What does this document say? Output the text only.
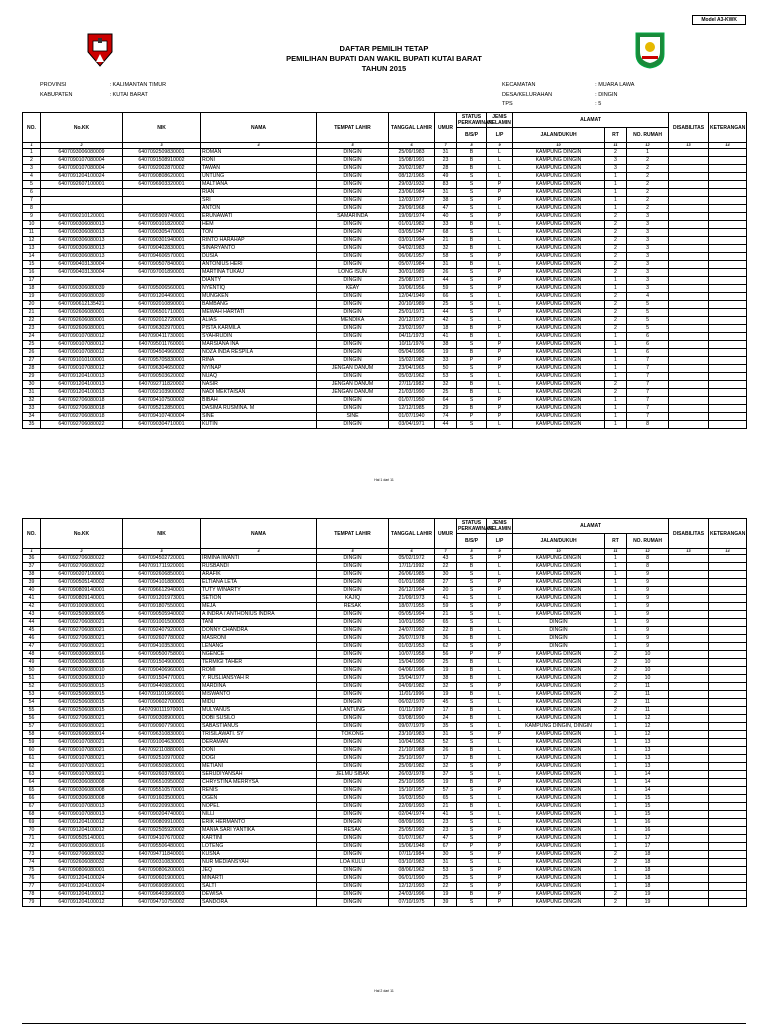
Model A3-KWK
DAFTAR PEMILIH TETAP
PEMILIHAN BUPATI DAN WAKIL BUPATI KUTAI BARAT
TAHUN 2015
PROVINSI	: KALIMANTAN TIMUR
KABUPATEN	: KUTAI BARAT
KECAMATAN	: MUARA LAWA
DESA/KELURAHAN	: DINGIN
TPS	: 5
NO.	No.KK	NIK	NAMA	TEMPAT LAHIR	TANGGAL LAHIR	UMUR	STATUS PERKAWINAN	JENIS KELAMIN	ALAMAT			DISABILITAS	KETERANGAN
							B/S/P	L/P	JALAN/DUKUH	RT	NO. RUMAH		
1	2	3	4	5	6	7	8	9	10	11	12	13	14
1	6407093006080009	6407092509830001	ROMAN	DINGIN	25/09/1983	31	B	L	KAMPUNG DINGIN	2	1		
2	6407090107080004	6407091508910002	RONI	DINGIN	15/08/1991	23	B	L	KAMPUNG DINGIN	3	2		
3	6407090107080004	6407092002870002	TAWAN	DINGIN	20/02/1987	28	B	L	KAMPUNG DINGIN	3	2		
4	6407091204100024	6407090808620001	UNTUNG	DINGIN	08/12/1965	49	S	L	KAMPUNG DINGIN	1	2		
5	6407092607100001	6407096903320001	MALTIANA	DINGIN	29/03/1932	83	S	P	KAMPUNG DINGIN	1	2		
6			RIAN	DINGIN	23/06/1984	31	S	P	KAMPUNG DINGIN	1	2		
7			SRI	DINGIN	12/03/1977	38	S	P	KAMPUNG DINGIN	1	2		
8			ANTON	DINGIN	29/09/1968	47	S	L	KAMPUNG DINGIN	1	2		
9	6407090210120001	6407095909740001	ERUNAWATI	SAMARINDA	19/09/1974	40	S	P	KAMPUNG DINGIN	2	3		
10	6407090306080013	6407090101820002	HEM	DINGIN	01/01/1982	33	B	L	KAMPUNG DINGIN	2	3		
11	6407090306080013	6407090305470001	TON	DINGIN	03/05/1947	68	S	L	KAMPUNG DINGIN	2	3		
12	6407090306080013	6407090301940001	RINTO HARAHAP	DINGIN	03/01/1994	21	B	L	KAMPUNG DINGIN	2	3		
13	6407090306080013	6407090402830001	SINARYANTO	DINGIN	04/02/1983	32	B	L	KAMPUNG DINGIN	2	3		
14	6407090306080013	6407094606570001	DUSIA	DINGIN	06/06/1957	58	S	P	KAMPUNG DINGIN	2	3		
15	6407090403130004	6407090507840001	ANTONIUS HERI	DINGIN	05/07/1984	31	B	L	KAMPUNG DINGIN	2	3		
16	6407090403130004	6407097001890001	MARTINA TUKAU	LONG ISUN	30/01/1989	26	S	P	KAMPUNG DINGIN	2	3		
17			DIANTY	DINGIN	25/08/1971	44	S	P	KAMPUNG DINGIN	1	3		
18	6407090306080039	6407095006560001	NYENTIQ	KEAY	10/06/1956	59	S	P	KAMPUNG DINGIN	1	3		
19	6407090206080039	6407091204490001	MUNGKEN	DINGIN	12/04/1949	66	S	L	KAMPUNG DINGIN	2	4		
20	6407090612135421	6407092010890001	BAMBANG	DINGIN	20/10/1989	25	S	L	KAMPUNG DINGIN	2	5		
21	6407092606080001	6407096501710001	MEWAH HARTATI	DINGIN	25/01/1971	44	S	P	KAMPUNG DINGIN	2	5		
22	6407092606080001	6407092012720001	ALIAS	MENDIKA	20/12/1972	42	S	L	KAMPUNG DINGIN	2	5		
23	6407092606080001	6407096302970001	PISTA KARMILA	DINGIN	23/02/1997	18	B	P	KAMPUNG DINGIN	2	5		
24	6407090107080012	6407090411730001	SYAHRUDIN	DINGIN	04/11/1973	41	B	L	KAMPUNG DINGIN	1	6		
25	6407090107080012	6407095011760001	MARSIANA INA	DINGIN	10/11/1976	38	S	P	KAMPUNG DINGIN	1	6		
26	6407090107080012	6407094504960002	NOZA INDA RESPILA	DINGIN	05/04/1996	19	B	P	KAMPUNG DINGIN	1	6		
27	6407091010100001	6407095705830001	RINA	DINGIN	15/02/1982	33	P	P	KAMPUNG DINGIN	1	7		
28	6407090107080012	6407096304650002	NYINAP	JENGAN DANUM	23/04/1965	50	S	P	KAMPUNG DINGIN	1	7		
29	6407091204100013	6407090503620002	NUAQ	DINGIN	05/03/1962	53	S	L	KAMPUNG DINGIN	1	7		
30	6407091204100013	6407092711820002	NASIR	JENGAN DANUM	27/11/1982	32	B	L	KAMPUNG DINGIN	2	7		
31	6407091204100013	6407092103900002	NADI MEKTAISAN	JENGAN DANUM	21/03/1990	25	B	L	KAMPUNG DINGIN	2	7		
32	6407092706080018	6407094107500002	BIBAH	DINGIN	01/07/1950	64	S	P	KAMPUNG DINGIN	1	7		
33	6407092706080018	6407095212850001	DASIMA RUSMINA. M	DINGIN	12/12/1985	29	B	P	KAMPUNG DINGIN	1	7		
34	6407092706080018	6407094107400004	SINE	SINE	01/07/1940	74	P	P	KAMPUNG DINGIN	1	7		
35	6407092706080022	6407090304710001	KUTIN	DINGIN	03/04/1971	44	S	L	KAMPUNG DINGIN	1	8		
Hal 1 dari 11
NO.	No.KK	NIK	NAMA	TEMPAT LAHIR	TANGGAL LAHIR	UMUR	STATUS PERKAWINAN	JENIS KELAMIN	ALAMAT			DISABILITAS	KETERANGAN
							B/S/P	L/P	JALAN/DUKUH	RT	NO. RUMAH		
1	2	3	4	5	6	7	8	9	10	11	12	13	14
36	6407092706080022	6407094502720001	IRMINA IWANTI	DINGIN	05/02/1972	43	S	P	KAMPUNG DINGIN	1	8		
37	6407092706080022	6407091711920001	RUSBANDI	DINGIN	17/11/1992	22	B	L	KAMPUNG DINGIN	1	8		
38	6407090207100001	6407092606850001	ARAFIK	DINGIN	26/06/1985	30	S	L	KAMPUNG DINGIN	1	9		
39	6407090505140002	6407094101880001	ELTIANA LETA	DINGIN	01/01/1988	27	S	P	KAMPUNG DINGIN	1	9		
40	6407090809140001	6407096612940001	TUTY WINARTY	DINGIN	26/12/1994	20	S	P	KAMPUNG DINGIN	1	9		
41	6407090809140001	6407091201973001	SETION	KAJIQ	21/09/1973	41	S	L	KAMPUNG DINGIN	1	9		
42	6407091009080001	6407091807550001	MEJA	RESAK	18/07/1955	59	S	P	KAMPUNG DINGIN	1	9		
43	6407092509080005	6407090505940002	A INDRA / ANTHONIUS INDRA	DINGIN	05/05/1994	21	S	L	KAMPUNG DINGIN	1	9		
44	6407092706080021	6407091001500003	TANI	DINGIN	10/01/1950	65	S	L	DINGIN	1	9		
45	6407092706080021	6407092407920001	DONNY CHANDRA	DINGIN	24/07/1992	22	B	L	DINGIN	1	9		
46	6407092706080021	6407092607780002	MASRONI	DINGIN	26/07/1978	36	B	L	DINGIN	1	9		
47	6407092706080021	6407094103530001	LENANG	DINGIN	01/03/1953	62	S	P	DINGIN	1	9		
48	6407090306080016	6407090500758001	NGENCE	DINGIN	10/07/1958	56	P	P	KAMPUNG DINGIN	2	10		
49	6407090306080016	6407091504900001	TERMIGI TAHER	DINGIN	15/04/1990	25	B	L	KAMPUNG DINGIN	2	10		
50	6407090306080010	6407090406960001	ROMI	DINGIN	04/06/1996	19	B	L	KAMPUNG DINGIN	2	10		
51	6407090306080010	6407091504770001	Y. RUSLIANSYAH R	DINGIN	15/04/1977	38	B	L	KAMPUNG DINGIN	2	10		
52	6407092506080015	6407094409820001	MARDINA	DINGIN	04/09/1982	32	S	P	KAMPUNG DINGIN	2	11		
53	6407092506080015	6407091101960001	MISWANTO	DINGIN	11/01/1996	19	B	L	KAMPUNG DINGIN	2	11		
54	6407092506080015	6407090602700001	MIDU	DINGIN	06/02/1970	45	S	L	KAMPUNG DINGIN	2	11		
55	6407092506080015	6407090111970001	MULYANUS	LANTUNG	01/11/1997	17	B	L	KAMPUNG DINGIN	2	11		
56	6407092706080021	6407090308900001	DOBI SUSILO	DINGIN	03/08/1990	24	B	L	KAMPUNG DINGIN	1	12		
57	6407092606080021	6407090907790001	SABASTIANUS	DINGIN	09/07/1979	35	S	L	KAMPUNG DINGIN, DINGIN	1	12		
58	6407092606080014	6407096310830001	TRISILAWATI. SY	TOKONG	23/10/1983	31	S	P	KAMPUNG DINGIN	1	12		
59	6407090107080021	6407091004630001	DERAMAN	DINGIN	10/04/1963	52	S	L	KAMPUNG DINGIN	1	13		
60	6407090107080021	6407092110880001	DONI	DINGIN	21/10/1988	26	B	L	KAMPUNG DINGIN	1	13		
61	6407090107080021	6407092510970002	DOGI	DINGIN	25/10/1997	17	B	L	KAMPUNG DINGIN	1	13		
62	6407090107080021	6407096509820001	METIANI	DINGIN	25/09/1982	32	S	P	KAMPUNG DINGIN	1	13		
63	6407090107080021	6407092603780001	SERUDIYANSAH	JELMU SIBAK	26/03/1978	37	S	L	KAMPUNG DINGIN	1	14		
64	6407090306080008	6407096510950002	CHRYSTINA MERRYSA	DINGIN	25/10/1995	19	B	P	KAMPUNG DINGIN	1	14		
65	6407090306080008	6407095510570001	RENIS	DINGIN	15/10/1957	57	S	P	KAMPUNG DINGIN	1	14		
66	6407090306080008	6407091603500001	OGEN	DINGIN	16/03/1950	65	S	L	KAMPUNG DINGIN	1	15		
67	6407090107080013	6407092209930001	NOPEL	DINGIN	22/09/1993	21	B	L	KAMPUNG DINGIN	1	15		
68	6407090107080013	6407090204740001	NILLI	DINGIN	02/04/1974	41	S	L	KAMPUNG DINGIN	1	15		
69	6407091204100012	6407090809910001	ERIK HERMANTO	DINGIN	08/09/1991	23	S	L	KAMPUNG DINGIN	1	16		
70	6407091204100012	6407092505920002	MANIA SARI YANTIKA	RESAK	25/05/1992	23	S	P	KAMPUNG DINGIN	1	16		
71	6407090505140001	6407094107670002	KARTINI	DINGIN	01/07/1967	47	S	P	KAMPUNG DINGIN	1	17		
72	6407090306080016	6407095506480001	LOTENG	DINGIN	15/06/1948	67	P	P	KAMPUNG DINGIN	1	17		
73	6407092706080032	6407094711840001	KUSNA	DINGIN	07/11/1984	30	S	P	KAMPUNG DINGIN	2	18		
74	6407092606080032	6407090310830001	NUR MEDIANSYAH	LOA KULU	03/10/1983	31	S	L	KAMPUNG DINGIN	2	18		
75	6407090806080001	6407090806200001	JEQ	DINGIN	08/06/1962	53	S	P	KAMPUNG DINGIN	1	18		
76	6407091204100024	6407090601900001	MINARTI	DINGIN	06/01/1990	25	S	P	KAMPUNG DINGIN	1	18		
77	6407091204100024	6407096908990001	SALTI	DINGIN	12/12/1993	22	S	P	KAMPUNG DINGIN	1	18		
78	6407091204100012	6407096403960003	DEWISA	DINGIN	24/03/1996	19	B	P	KAMPUNG DINGIN	2	19		
79	6407091204100012	6407094710750002	SANDORA	DINGIN	07/10/1975	39	S	P	KAMPUNG DINGIN	2	19		
Hal 2 dari 11
